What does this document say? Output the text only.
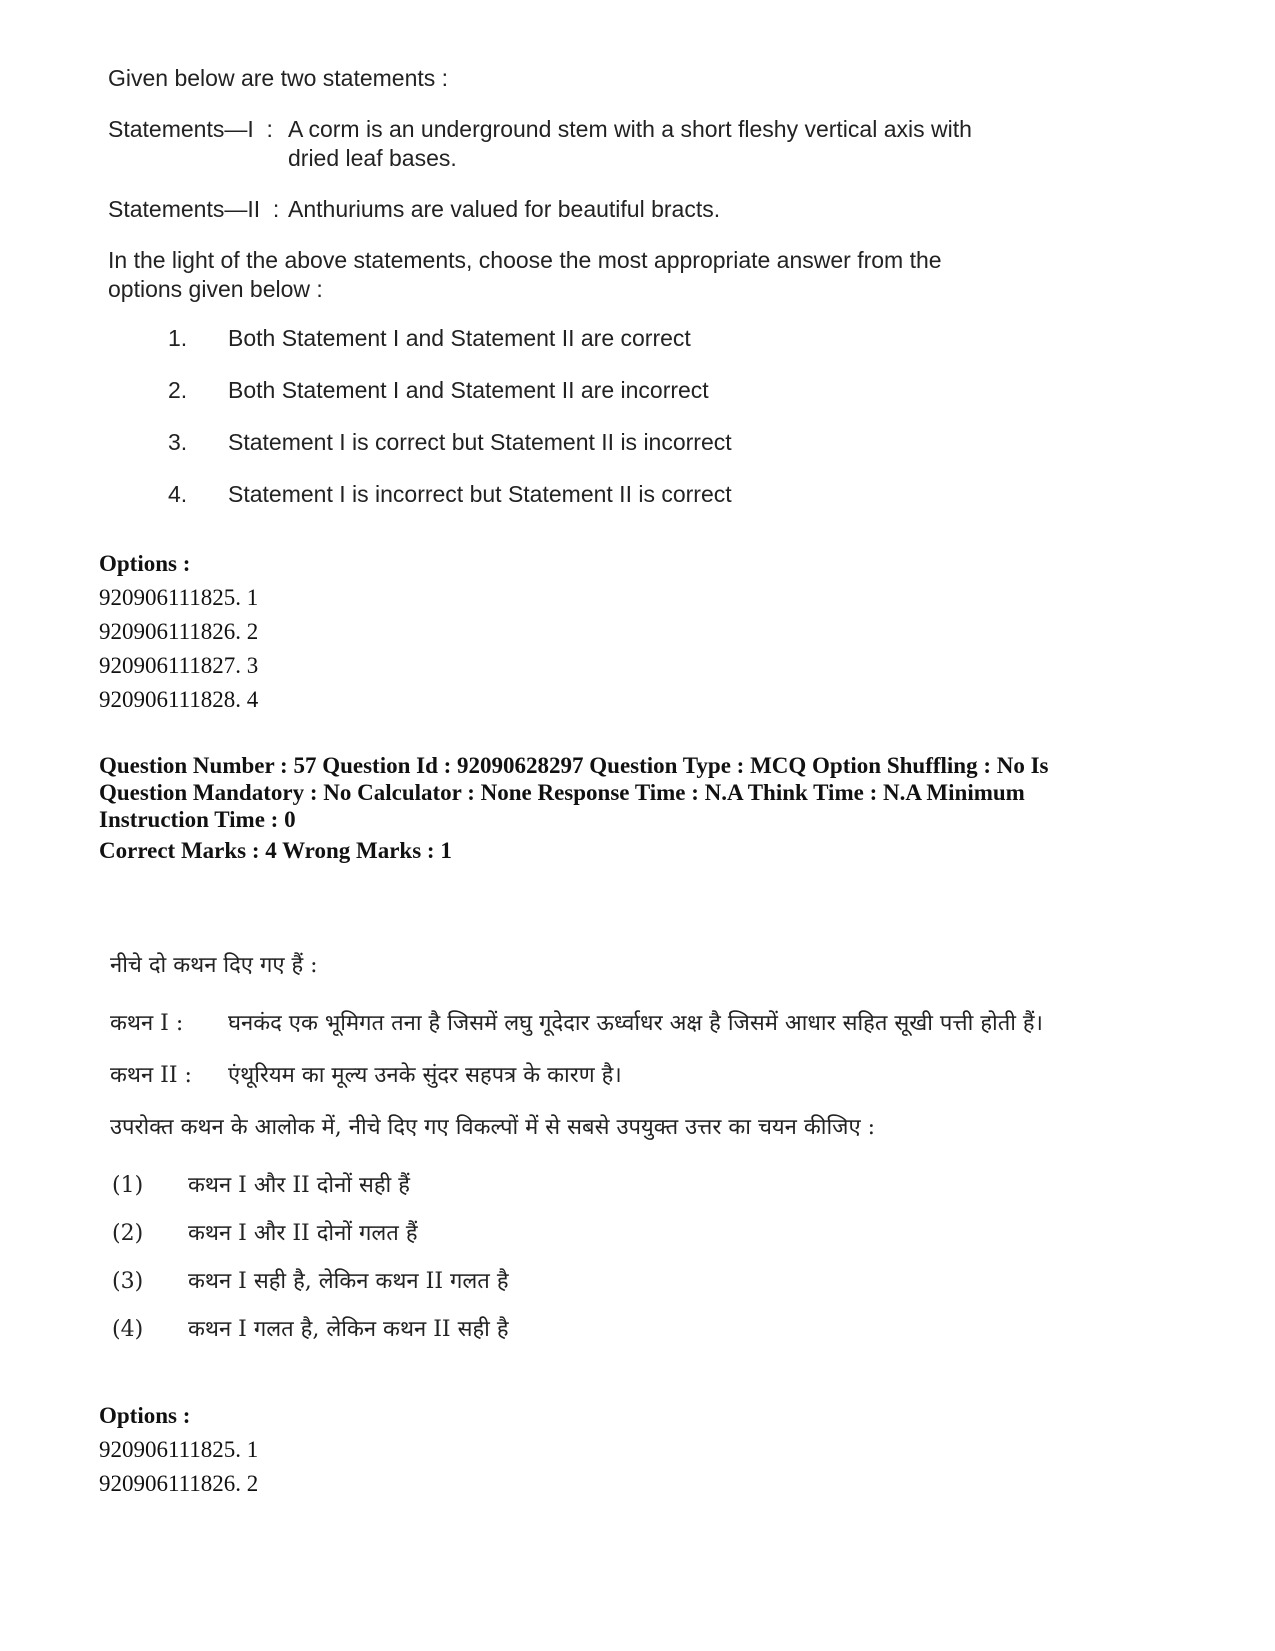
Given below are two statements :
Statements—I  : A corm is an underground stem with a short fleshy vertical axis with dried leaf bases.
Statements—II  : Anthuriums are valued for beautiful bracts.
In the light of the above statements, choose the most appropriate answer from the options given below :
1.	Both Statement I and Statement II are correct
2.	Both Statement I and Statement II are incorrect
3.	Statement I is correct but Statement II is incorrect
4.	Statement I is incorrect but Statement II is correct
Options :
920906111825. 1
920906111826. 2
920906111827. 3
920906111828. 4
Question Number : 57 Question Id : 92090628297 Question Type : MCQ Option Shuffling : No Is
Question Mandatory : No Calculator : None Response Time : N.A Think Time : N.A Minimum
Instruction Time : 0
Correct Marks : 4 Wrong Marks : 1
नीचे दो कथन दिए गए हैं :
कथन I :	घनकंद एक भूमिगत तना है जिसमें लघु गूदेदार ऊर्ध्वाधर अक्ष है जिसमें आधार सहित सूखी पत्ती होती हैं।
कथन II :	एंथूरियम का मूल्य उनके सुंदर सहपत्र के कारण है।
उपरोक्त कथन के आलोक में, नीचे दिए गए विकल्पों में से सबसे उपयुक्त उत्तर का चयन कीजिए :
(1)	कथन I और II दोनों सही हैं
(2)	कथन I और II दोनों गलत हैं
(3)	कथन I सही है, लेकिन कथन II गलत है
(4)	कथन I गलत है, लेकिन कथन II सही है
Options :
920906111825. 1
920906111826. 2
